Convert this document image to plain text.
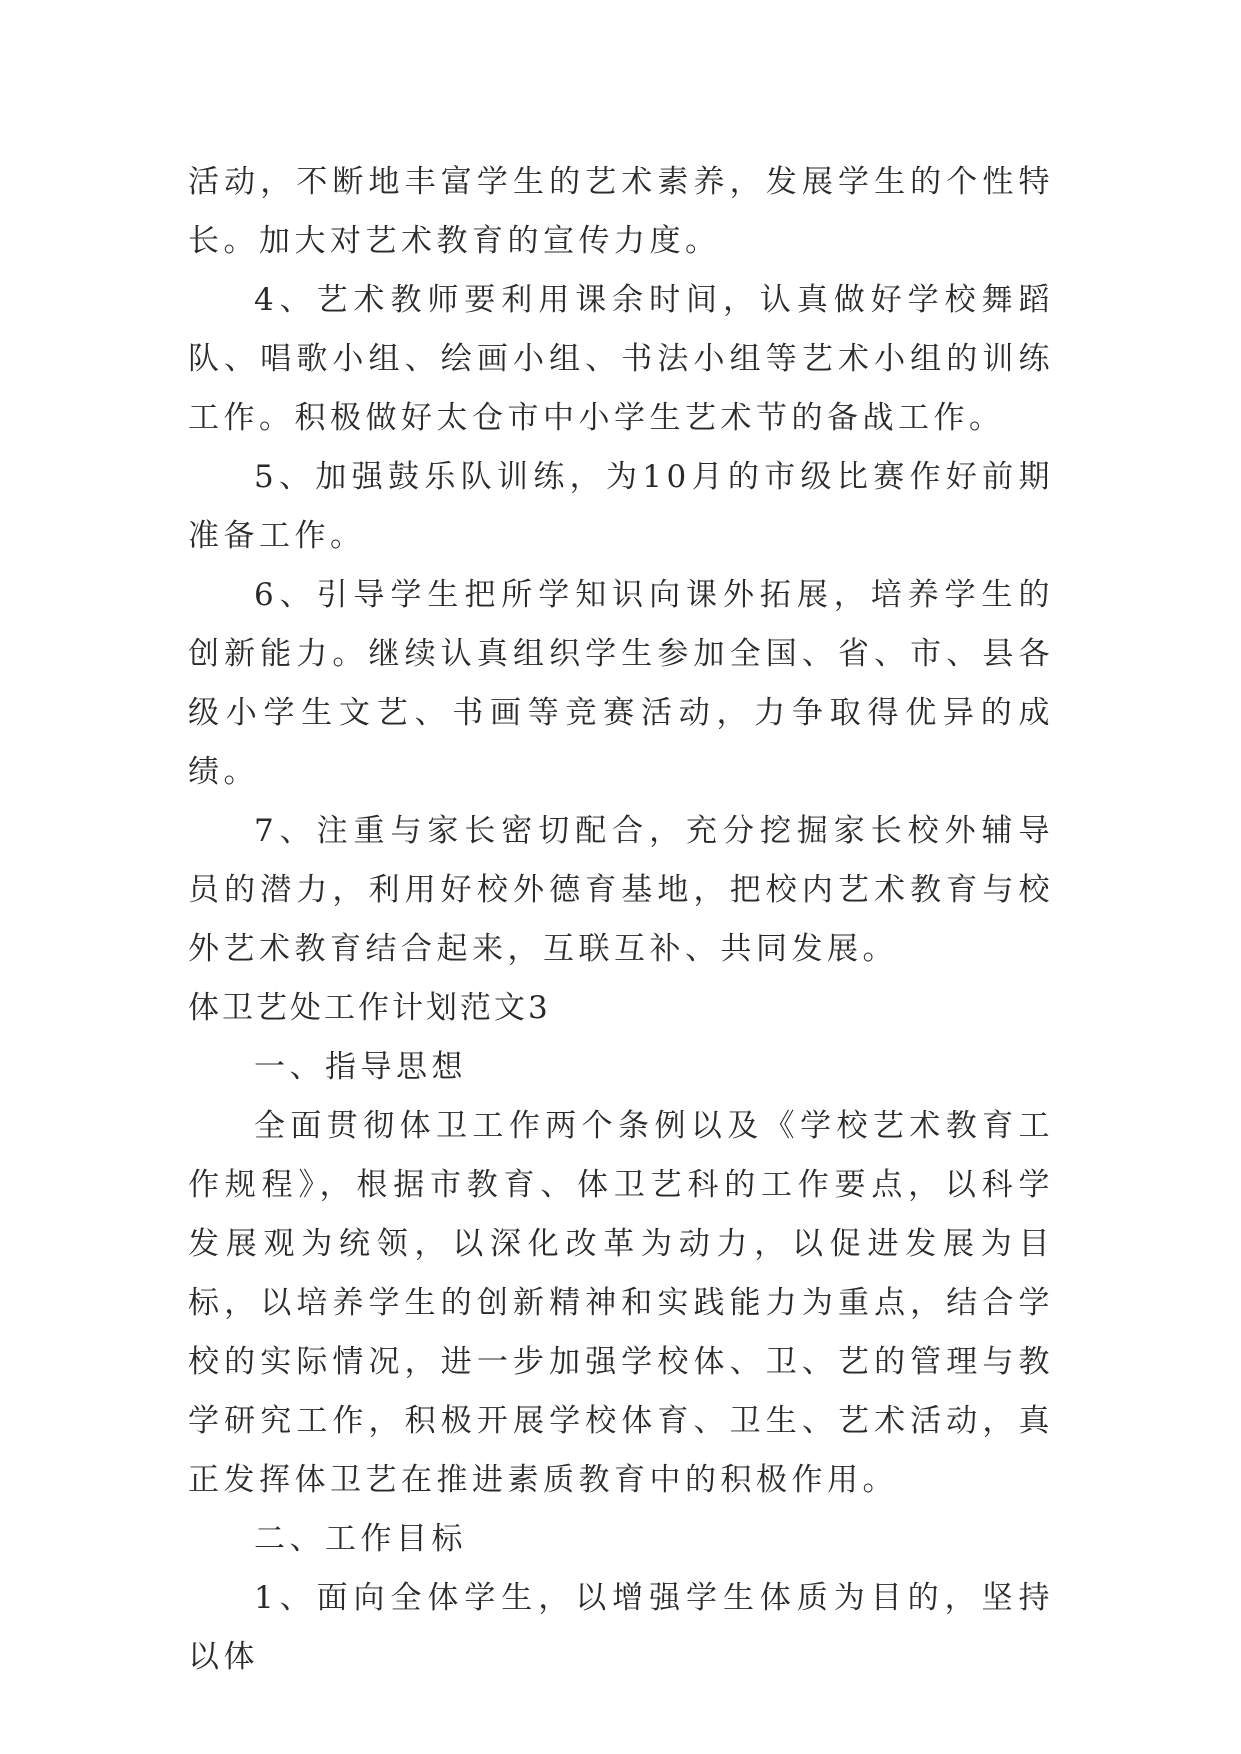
活动，不断地丰富学生的艺术素养，发展学生的个性特长。加大对艺术教育的宣传力度。

4、艺术教师要利用课余时间，认真做好学校舞蹈队、唱歌小组、绘画小组、书法小组等艺术小组的训练工作。积极做好太仓市中小学生艺术节的备战工作。

5、加强鼓乐队训练，为10月的市级比赛作好前期准备工作。

6、引导学生把所学知识向课外拓展，培养学生的创新能力。继续认真组织学生参加全国、省、市、县各级小学生文艺、书画等竞赛活动，力争取得优异的成绩。

7、注重与家长密切配合，充分挖掘家长校外辅导员的潜力，利用好校外德育基地，把校内艺术教育与校外艺术教育结合起来，互联互补、共同发展。

体卫艺处工作计划范文3

一、指导思想

全面贯彻体卫工作两个条例以及《学校艺术教育工作规程》，根据市教育、体卫艺科的工作要点，以科学发展观为统领，以深化改革为动力，以促进发展为目标，以培养学生的创新精神和实践能力为重点，结合学校的实际情况，进一步加强学校体、卫、艺的管理与教学研究工作，积极开展学校体育、卫生、艺术活动，真正发挥体卫艺在推进素质教育中的积极作用。

二、工作目标

1、面向全体学生，以增强学生体质为目的，坚持以体
